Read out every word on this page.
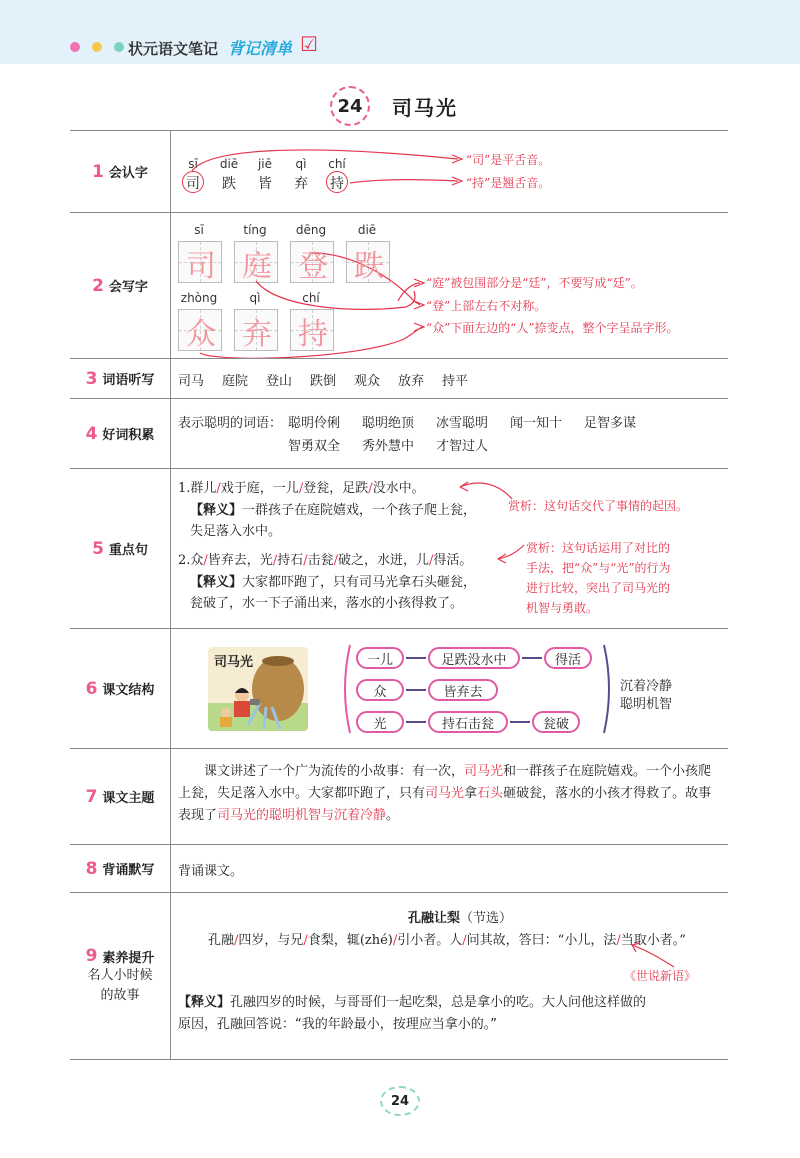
状元语文笔记 背记清单 ☑
24	司马光
1 会认字
sī	diē	jiē	qì	chí
司	跌	皆	弃	持
“司”是平舌音。
“持”是翘舌音。
2 会写字
sī	tíng	dēng	diē
司 庭 登 跌
zhòng	qì	chí
众 弃 持
“庭”被包围部分是“廷”，不要写成“廷”。
“登”上部左右不对称。
“众”下面左边的“人”捺变点，整个字呈品字形。
3 词语听写 司马 庭院 登山 跌倒 观众 放弃 持平
4 好词积累
表示聪明的词语： 聪明伶俐 聪明绝顶 冰雪聪明 闻一知十 足智多谋
智勇双全 秀外慧中 才智过人
5 重点句
1.群儿/戏于庭，一儿/登瓮，足跌/没水中。
【释义】一群孩子在庭院嬉戏，一个孩子爬上瓮，
失足落入水中。
2.众/皆弃去，光/持石/击瓮/破之，水迸，儿/得活。
【释义】大家都吓跑了，只有司马光拿石头砸瓮，
瓮破了，水一下子涌出来，落水的小孩得救了。
赏析：这句话交代了事情的起因。
赏析：这句话运用了对比的
手法，把“众”与“光”的行为
进行比较，突出了司马光的
机智与勇敢。
6 课文结构
司马光	一儿	足跌没水中	得活
众	皆弃去
光	持石击瓮	瓮破
沉着冷静
聪明机智
7 课文主题

课文讲述了一个广为流传的小故事：有一次，司马光和一群孩子在庭院嬉戏。一个小孩爬上瓮，失足落入水中。大家都吓跑了，只有司马光拿石头砸破瓮，落水的小孩才得救了。故事表现了司马光的聪明机智与沉着冷静。

8 背诵默写 背诵课文。
9 素养提升
名人小时候
的故事
孔融让梨（节选）
孔融/四岁，与兄/食梨，辄(zhé)/引小者。人/问其故，答曰：“小儿，法/当取小者。”
《世说新语》
【释义】孔融四岁的时候，与哥哥们一起吃梨，总是拿小的吃。大人问他这样做的
原因，孔融回答说：“我的年龄最小，按理应当拿小的。”
24
